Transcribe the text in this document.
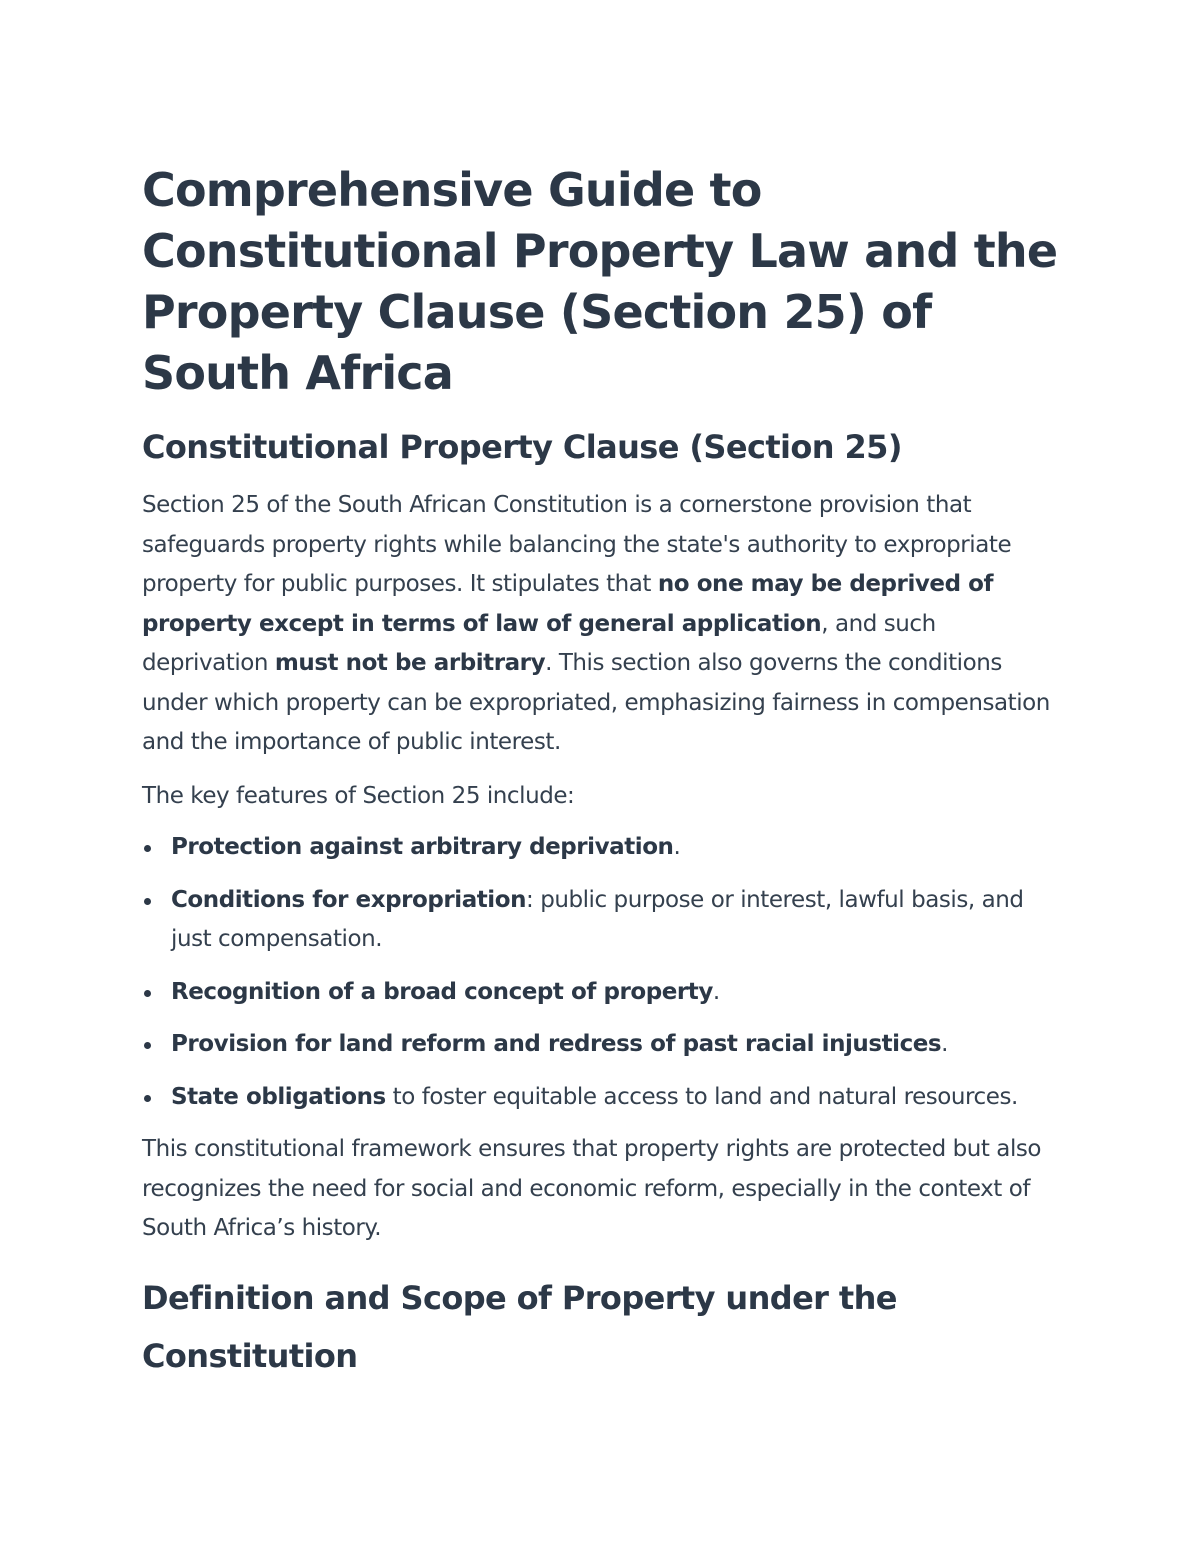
Comprehensive Guide to Constitutional Property Law and the Property Clause (Section 25) of South Africa
Constitutional Property Clause (Section 25)

Section 25 of the South African Constitution is a cornerstone provision that safeguards property rights while balancing the state's authority to expropriate property for public purposes. It stipulates that no one may be deprived of property except in terms of law of general application, and such deprivation must not be arbitrary. This section also governs the conditions under which property can be expropriated, emphasizing fairness in compensation and the importance of public interest.

The key features of Section 25 include:

Protection against arbitrary deprivation.
Conditions for expropriation: public purpose or interest, lawful basis, and just compensation.
Recognition of a broad concept of property.
Provision for land reform and redress of past racial injustices.
State obligations to foster equitable access to land and natural resources.

This constitutional framework ensures that property rights are protected but also recognizes the need for social and economic reform, especially in the context of South Africa’s history.

Definition and Scope of Property under the Constitution
